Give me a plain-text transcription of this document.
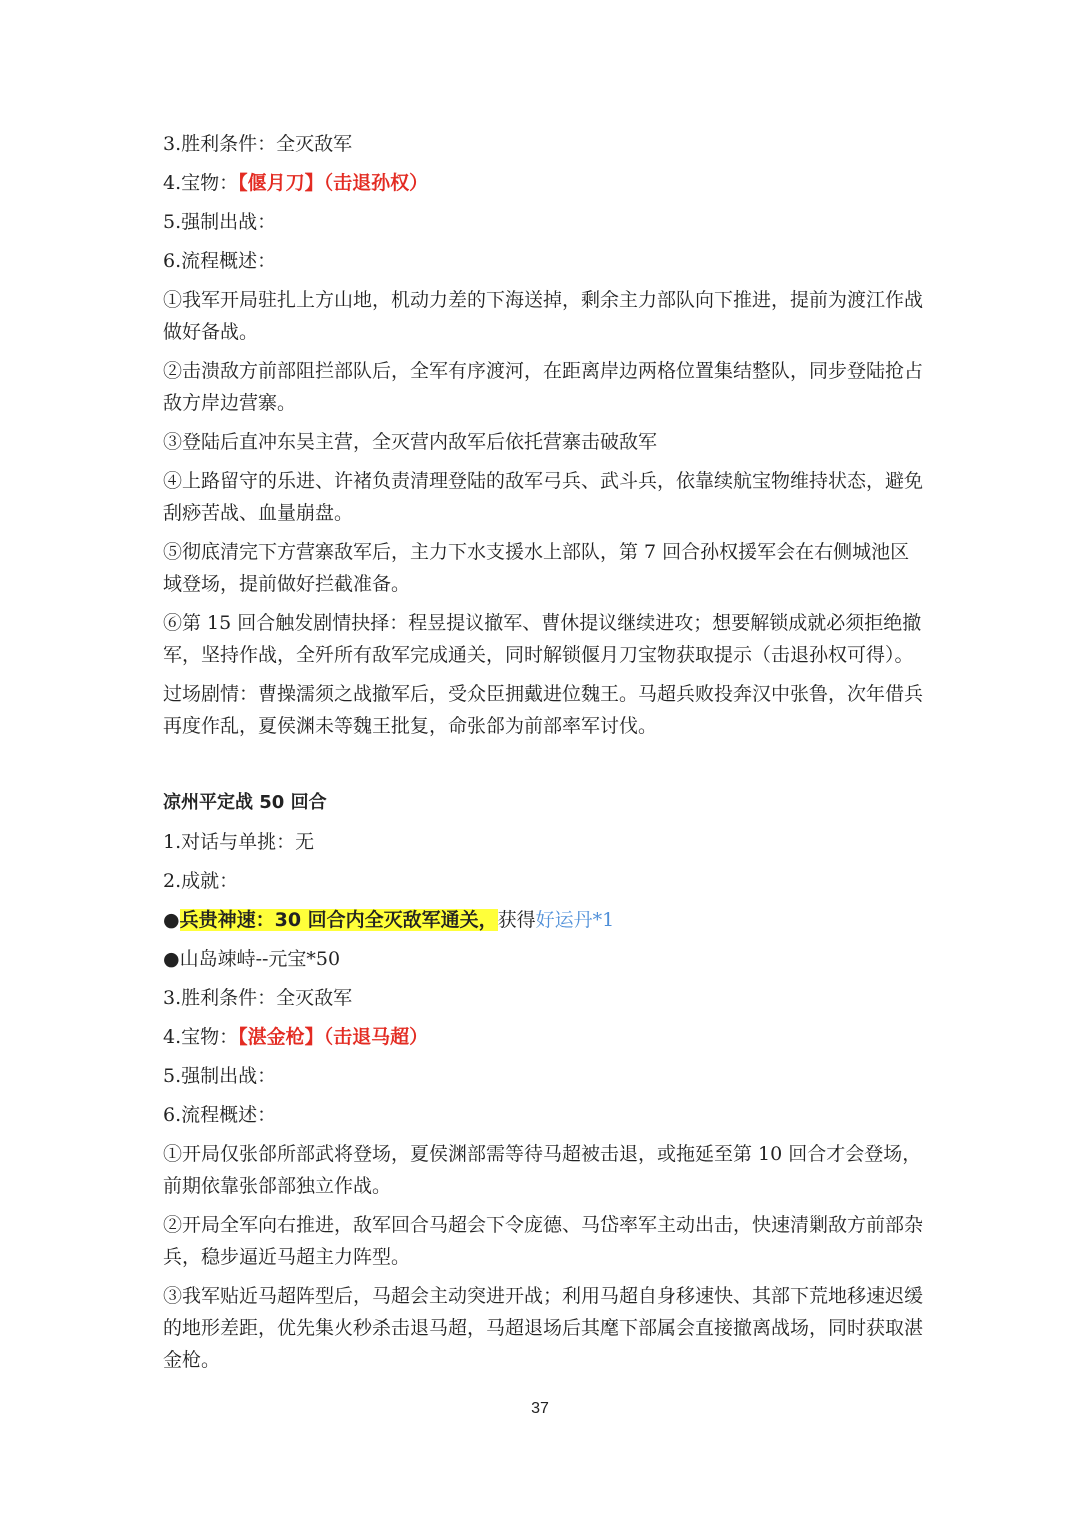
3.胜利条件：全灭敌军
4.宝物：【偃月刀】（击退孙权）
5.强制出战：
6.流程概述：
①我军开局驻扎上方山地，机动力差的下海送掉，剩余主力部队向下推进，提前为渡江作战做好备战。
②击溃敌方前部阻拦部队后，全军有序渡河，在距离岸边两格位置集结整队，同步登陆抢占敌方岸边营寨。
③登陆后直冲东吴主营，全灭营内敌军后依托营寨击破敌军
④上路留守的乐进、许褚负责清理登陆的敌军弓兵、武斗兵，依靠续航宝物维持状态，避免刮痧苦战、血量崩盘。
⑤彻底清完下方营寨敌军后，主力下水支援水上部队，第 7 回合孙权援军会在右侧城池区域登场，提前做好拦截准备。
⑥第 15 回合触发剧情抉择：程昱提议撤军、曹休提议继续进攻；想要解锁成就必须拒绝撤军，坚持作战，全歼所有敌军完成通关，同时解锁偃月刀宝物获取提示（击退孙权可得）。
过场剧情：曹操濡须之战撤军后，受众臣拥戴进位魏王。马超兵败投奔汉中张鲁，次年借兵再度作乱，夏侯渊未等魏王批复，命张郃为前部率军讨伐。
凉州平定战 50 回合
1.对话与单挑：无
2.成就：
●兵贵神速：30 回合内全灭敌军通关，获得好运丹*1
●山岛竦峙--元宝*50
3.胜利条件：全灭敌军
4.宝物：【湛金枪】（击退马超）
5.强制出战：
6.流程概述：
①开局仅张郃所部武将登场，夏侯渊部需等待马超被击退，或拖延至第 10 回合才会登场，前期依靠张郃部独立作战。
②开局全军向右推进，敌军回合马超会下令庞德、马岱率军主动出击，快速清剿敌方前部杂兵，稳步逼近马超主力阵型。
③我军贴近马超阵型后，马超会主动突进开战；利用马超自身移速快、其部下荒地移速迟缓的地形差距，优先集火秒杀击退马超，马超退场后其麾下部属会直接撤离战场，同时获取湛金枪。
37
